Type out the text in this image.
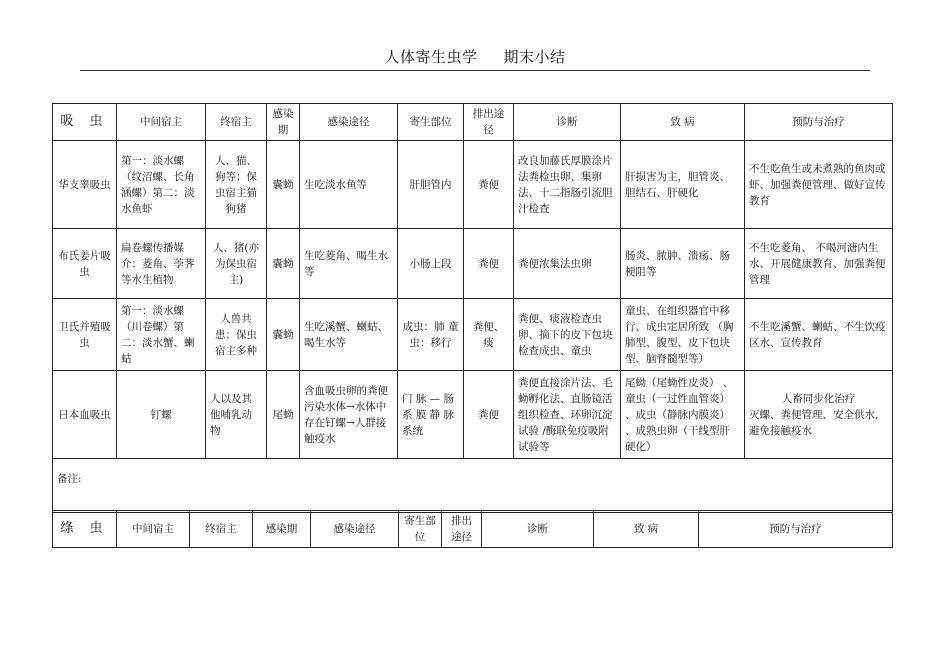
人体寄生虫学 期末小结
吸 虫	中间宿主	终宿主	感染期	感染途径	寄生部位	排出途径	诊断	致 病	预防与治疗
华支睾吸虫	第一：淡水螺（纹沼螺、长角涵螺）第二：淡水鱼虾	人、猫、狗等；保虫宿主猫狗猪	囊蚴	生吃淡水鱼等	肝胆管内	粪便	改良加藤氏厚膜涂片法粪检虫卵、集卵法、十二指肠引流胆汁检查	肝损害为主，胆管炎、胆结石、肝硬化	不生吃鱼生或未煮熟的鱼肉或虾、加强粪便管理、做好宣传教育
布氏姜片吸虫	扁卷螺传播媒介：菱角、荸荠等水生植物	人、猪(亦为保虫宿主)	囊蚴	生吃菱角、喝生水等	小肠上段	粪便	粪便浓集法虫卵	肠炎、脓肿、溃疡、肠梗阻等	不生吃菱角、 不喝河溏内生水、开展健康教育、加强粪便管理
卫氏并殖吸虫	第一：淡水螺（川卷螺）第二：淡水蟹、蝲蛄	人兽共患；保虫宿主多种	囊蚴	生吃溪蟹、蝲蛄、喝生水等	成虫：肺 童虫：移行	粪便、痰	粪便、痰液检查虫卵、摘下的皮下包块检查成虫、童虫	童虫、在组织器官中移行、成虫定居所致 （胸肺型、腹型、皮下包块型、脑脊髓型等）	不生吃溪蟹、蝲蛄、不生饮疫区水、宣传教育
日本血吸虫	钉螺	人以及其他哺乳动物	尾蚴	含血吸虫卵的粪便污染水体→水体中存在钉螺→人群接触疫水	门 脉 — 肠 系 膜 静 脉 系统	粪便	粪便直接涂片法、毛蚴孵化法、直肠镜活组织检查、环卵沉淀试验 /酶联免疫吸附试验等	尾蚴（尾蚴性皮炎） 、童虫（一过性血管炎） 、成虫（静脉内膜炎） 、成熟虫卵（干线型肝硬化）	人畜同步化治疗
灭螺、粪便管理、安全供水,避免接触疫水

备注:									
绦 虫	中间宿主	终宿主	感染期	感染途径	寄生部位	排出途径	诊断	致 病	预防与治疗
